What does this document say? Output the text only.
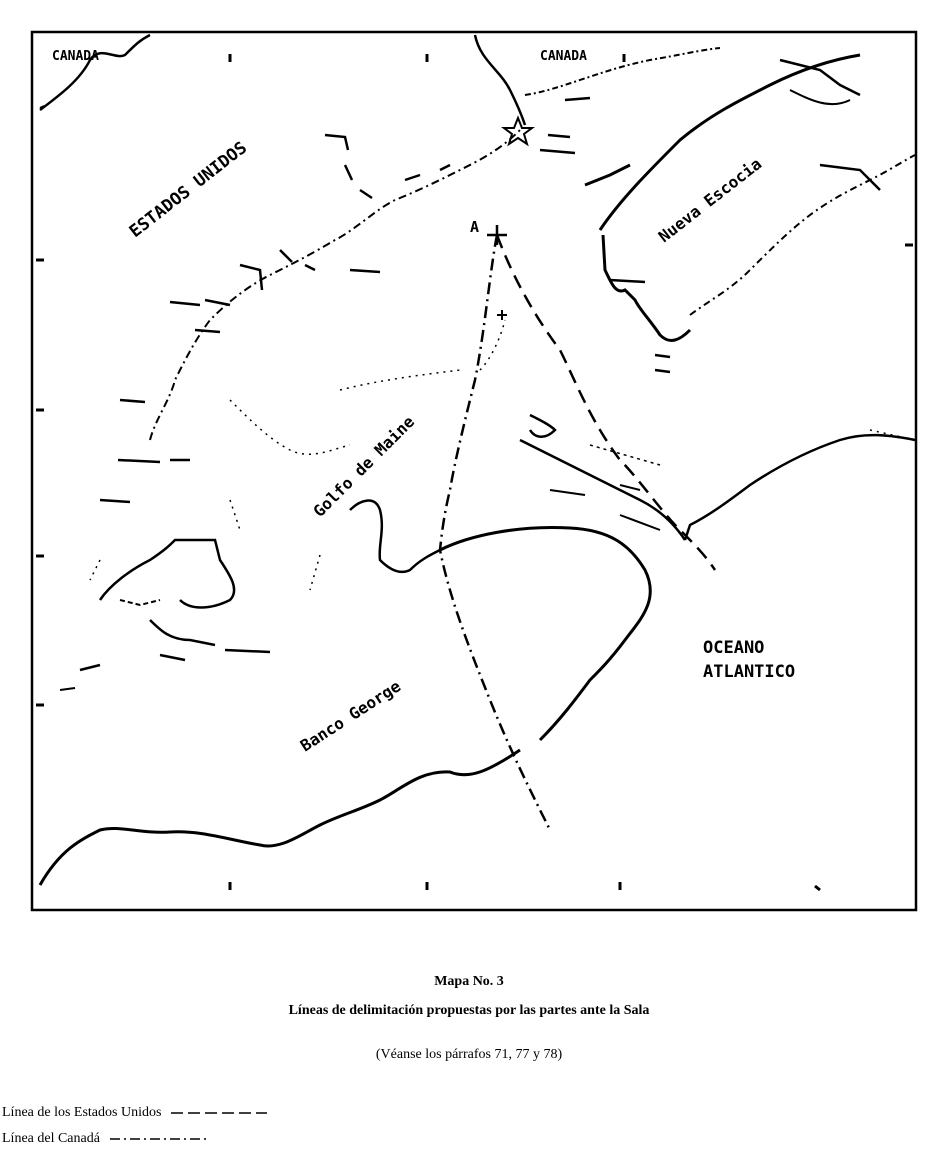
CANADA	CANADA
ESTADOS UNIDOS	Nueva Escocia
Golfo de Maine
Banco George
OCEANO
ATLANTICO
A
Mapa No. 3
Líneas de delimitación propuestas por las partes ante la Sala
(Véanse los párrafos 71, 77 y 78)
Línea de los Estados Unidos
Línea del Canadá
